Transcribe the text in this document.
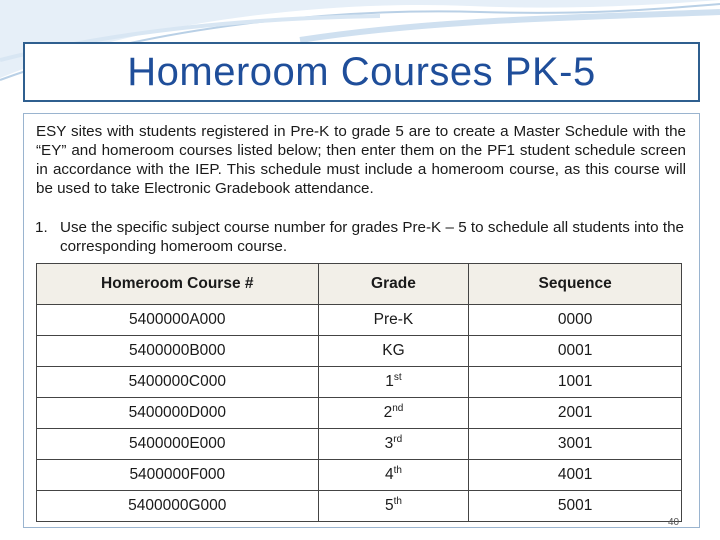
Homeroom Courses PK-5

ESY sites with students registered in Pre-K to grade 5 are to create a Master Schedule with the “EY” and homeroom courses listed below; then enter them on the PF1 student schedule screen in accordance with the IEP. This schedule must include a homeroom course, as this course will be used to take Electronic Gradebook attendance.

1. Use the specific subject course number for grades Pre-K – 5 to schedule all students into the corresponding homeroom course.

Homeroom Course #	Grade	Sequence
5400000A000	Pre-K	0000
5400000B000	KG	0001
5400000C000	1st	1001
5400000D000	2nd	2001
5400000E000	3rd	3001
5400000F000	4th	4001
5400000G000	5th	5001
40
